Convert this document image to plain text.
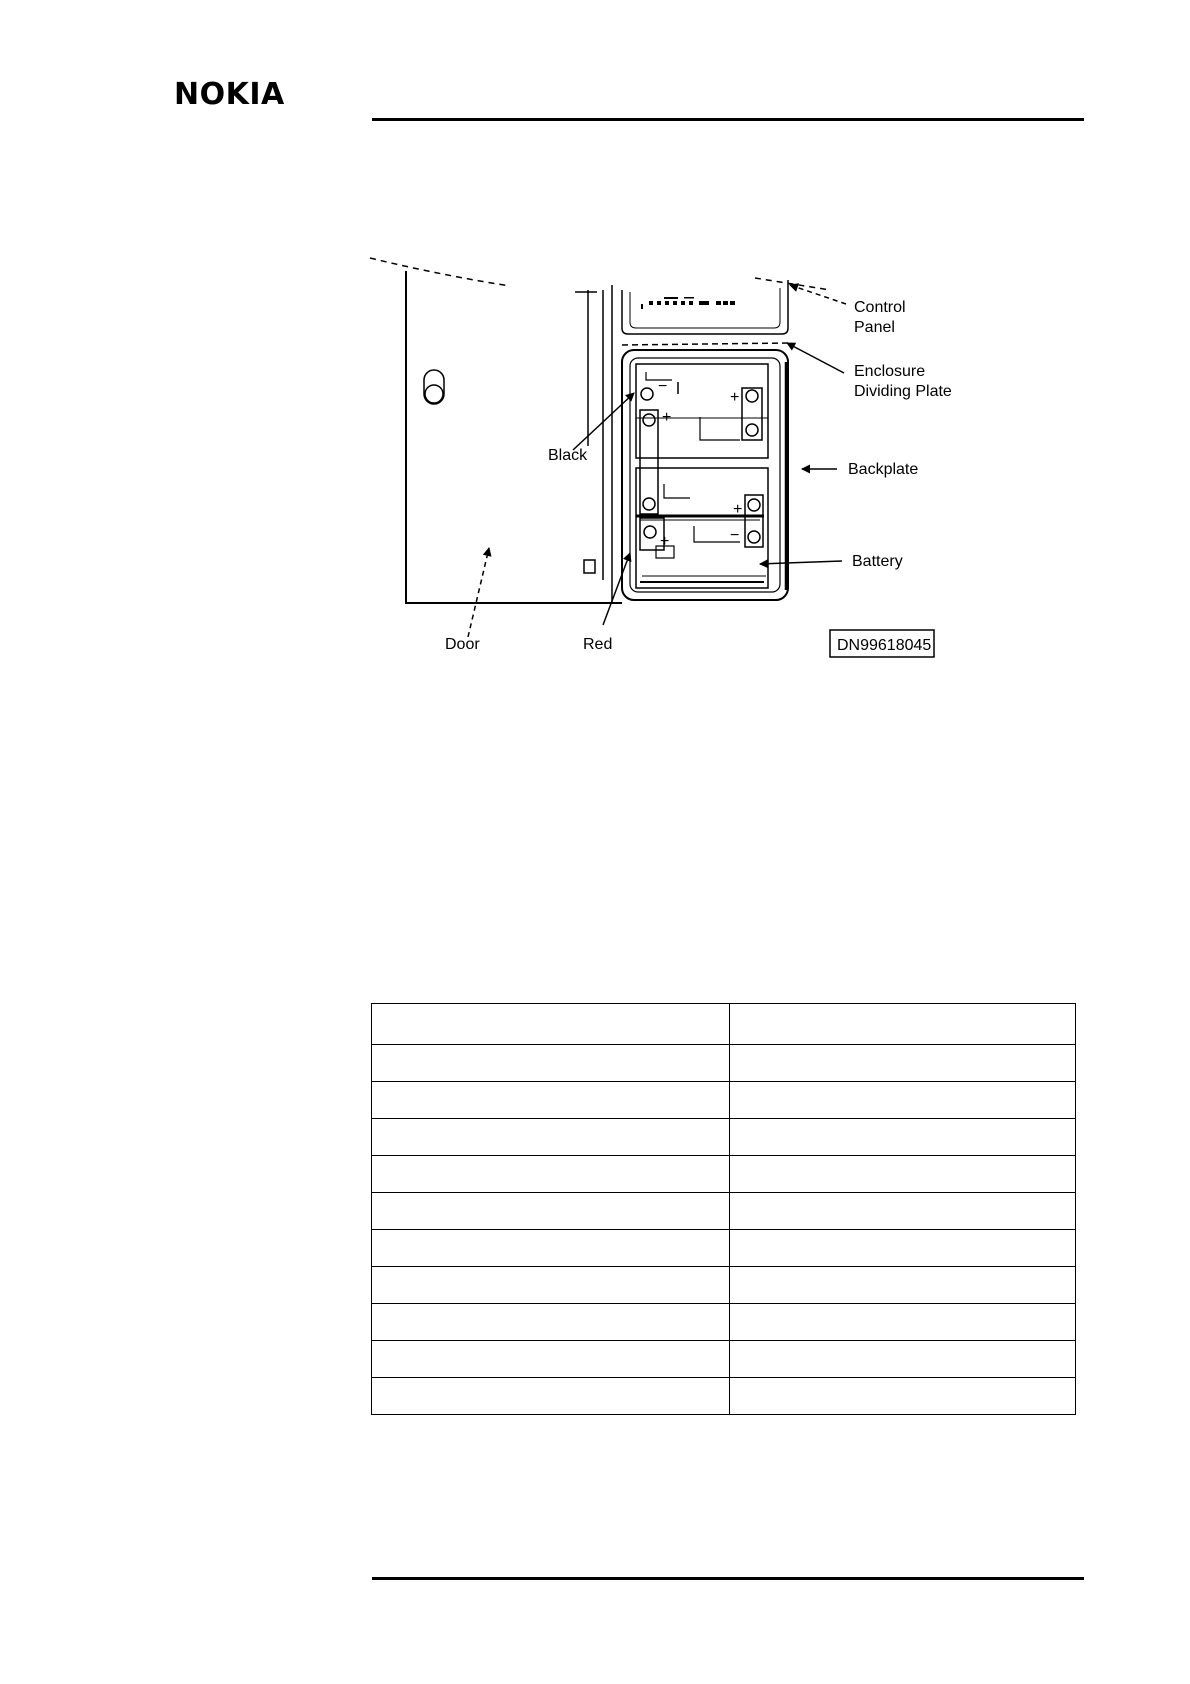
NOKIA
−
+
+
+
−
+
Control
Panel
Enclosure
Dividing Plate
Backplate
Battery
Black
Red
Door	DN99618045
